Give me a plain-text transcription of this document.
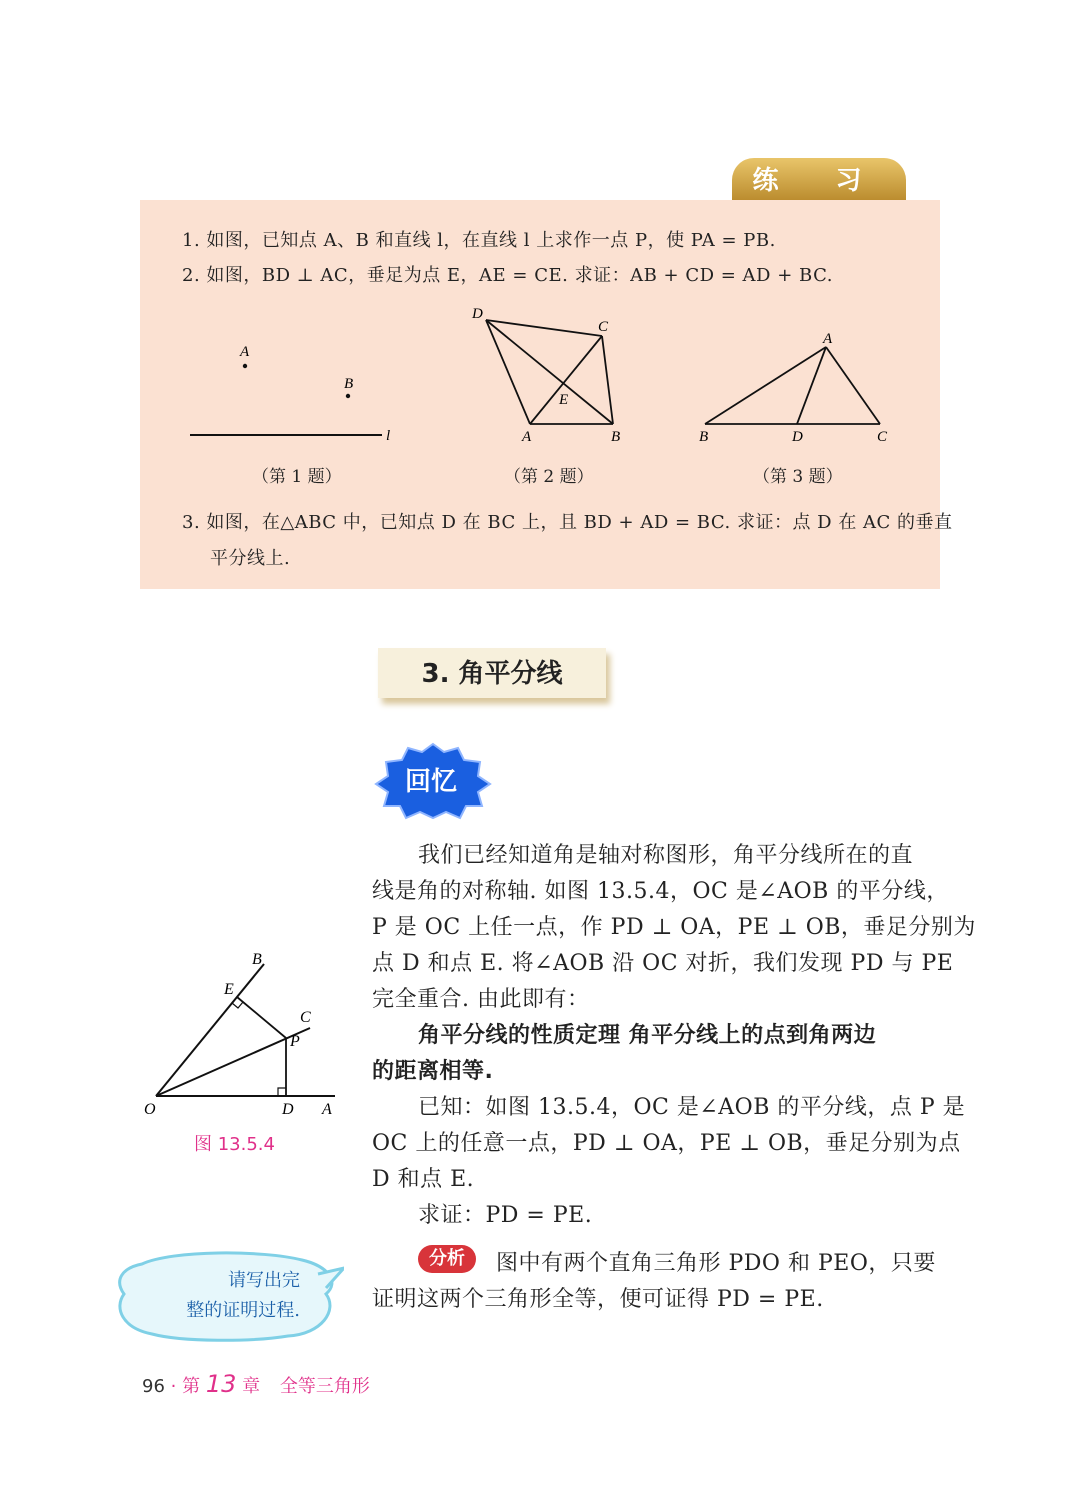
练 习
1. 如图，已知点 A、B 和直线 l，在直线 l 上求作一点 P，使 PA = PB.
2. 如图，BD ⊥ AC，垂足为点 E，AE = CE. 求证：AB + CD = AD + BC.
3. 如图，在△ABC 中，已知点 D 在 BC 上，且 BD + AD = BC. 求证：点 D 在 AC 的垂直
平分线上.
A
B
l
D
C
E
A	B
A
B	D	C
（第 1 题）	（第 2 题）	（第 3 题）
3. 角平分线
回忆
我们已经知道角是轴对称图形，角平分线所在的直
线是角的对称轴. 如图 13.5.4，OC 是∠AOB 的平分线，
P 是 OC 上任一点，作 PD ⊥ OA，PE ⊥ OB，垂足分别为
点 D 和点 E. 将∠AOB 沿 OC 对折，我们发现 PD 与 PE
完全重合. 由此即有：
角平分线的性质定理 角平分线上的点到角两边
的距离相等.
已知：如图 13.5.4，OC 是∠AOB 的平分线，点 P 是
OC 上的任意一点，PD ⊥ OA，PE ⊥ OB，垂足分别为点
D 和点 E.
求证：PD = PE.
分析	图中有两个直角三角形 PDO 和 PEO，只要
证明这两个三角形全等，便可证得 PD = PE.
B
E
C
P
O	D A
图 13.5.4
请写出完
整的证明过程.
96 · 第 13 章 全等三角形
